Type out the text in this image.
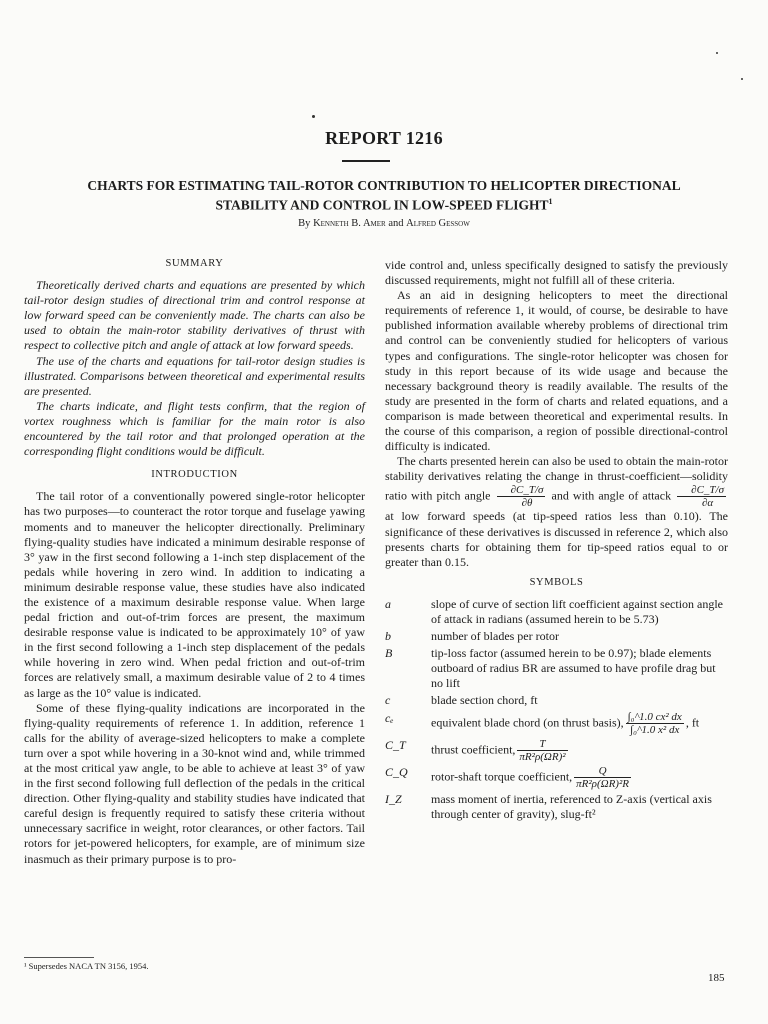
REPORT 1216
CHARTS FOR ESTIMATING TAIL-ROTOR CONTRIBUTION TO HELICOPTER DIRECTIONAL
STABILITY AND CONTROL IN LOW-SPEED FLIGHT$^1$
By Kenneth B. Amer and Alfred Gessow
SUMMARY

Theoretically derived charts and equations are presented by which tail-rotor design studies of directional trim and control response at low forward speed can be conveniently made. The charts can also be used to obtain the main-rotor stability derivatives of thrust with respect to collective pitch and angle of attack at low forward speeds.

The use of the charts and equations for tail-rotor design studies is illustrated. Comparisons between theoretical and experimental results are presented.

The charts indicate, and flight tests confirm, that the region of vortex roughness which is familiar for the main rotor is also encountered by the tail rotor and that prolonged operation at the corresponding flight conditions would be difficult.

INTRODUCTION

The tail rotor of a conventionally powered single-rotor helicopter has two purposes—to counteract the rotor torque and fuselage yawing moments and to maneuver the helicopter directionally. Preliminary flying-quality studies have indicated a minimum desirable response of 3° yaw in the first second following a 1-inch step displacement of the pedals while hovering in zero wind. In addition to indicating a minimum desirable response value, these studies have also indicated the existence of a maximum desirable response value. When large pedal friction and out-of-trim forces are present, the maximum desirable response value is indicated to be approximately 10° of yaw in the first second following a 1-inch step displacement of the pedals while hovering in zero wind. When pedal friction and out-of-trim forces are relatively small, a maximum desirable value of 2 to 4 times as large as the 10° value is indicated.

Some of these flying-quality indications are incorporated in the flying-quality requirements of reference 1. In addition, reference 1 calls for the ability of average-sized helicopters to make a complete turn over a spot while hovering in a 30-knot wind and, while trimmed at the most critical yaw angle, to be able to achieve at least 3° of yaw in the first second following full deflection of the pedals in the critical direction. Other flying-quality and stability studies have indicated that careful design is frequently required to satisfy these criteria without unnecessary sacrifice in weight, rotor clearances, or other factors. Tail rotors for jet-powered helicopters, for example, are of minimum size inasmuch as their primary purpose is to pro-

¹ Supersedes NACA TN 3156, 1954.

vide control and, unless specifically designed to satisfy the previously discussed requirements, might not fulfill all of these criteria.

As an aid in designing helicopters to meet the directional requirements of reference 1, it would, of course, be desirable to have published information available whereby problems of directional trim and control can be conveniently studied for helicopters of various types and configurations. The single-rotor helicopter was chosen for study in this report because of its wide usage and because the necessary background theory is readily available. The results of the study are presented in the form of charts and related equations, and a comparison is made between theoretical and experimental results. In the course of this comparison, a region of possible directional-control difficulty is indicated.

The charts presented herein can also be used to obtain the main-rotor stability derivatives relating the change in thrust-coefficient—solidity ratio with pitch angle $\frac{\partial C\_T/\sigma}{\partial\theta}$ and with angle of attack $\frac{\partial C\_T/\sigma}{\partial\alpha}$
at low forward speeds (at tip-speed ratios less than 0.10). The significance of these derivatives is discussed in reference 2, which also presents charts for obtaining them for tip-speed ratios equal to or greater than 0.15.

SYMBOLS
a	slope of curve of section lift coefficient against section angle of attack in radians (assumed herein to be 5.73)
b	number of blades per rotor
B	tip-loss factor (assumed herein to be 0.97); blade elements outboard of radius BR are assumed to have profile drag but no lift
c	blade section chord, ft
cₑ	equivalent blade chord (on thrust basis), $\frac{\text{∫₀\textasciicircum{}1.0 cx² dx}}{\text{∫₀\textasciicircum{}1.0 x² dx}}$ , ft
C_T	thrust coefficient, $\frac{T}{\text{πR²ρ(ΩR)²}}$
C_Q	rotor-shaft torque coefficient, $\frac{Q}{\text{πR²ρ(ΩR)²R}}$
I_Z	mass moment of inertia, referenced to Z-axis (vertical axis through center of gravity), slug-ft²
185
